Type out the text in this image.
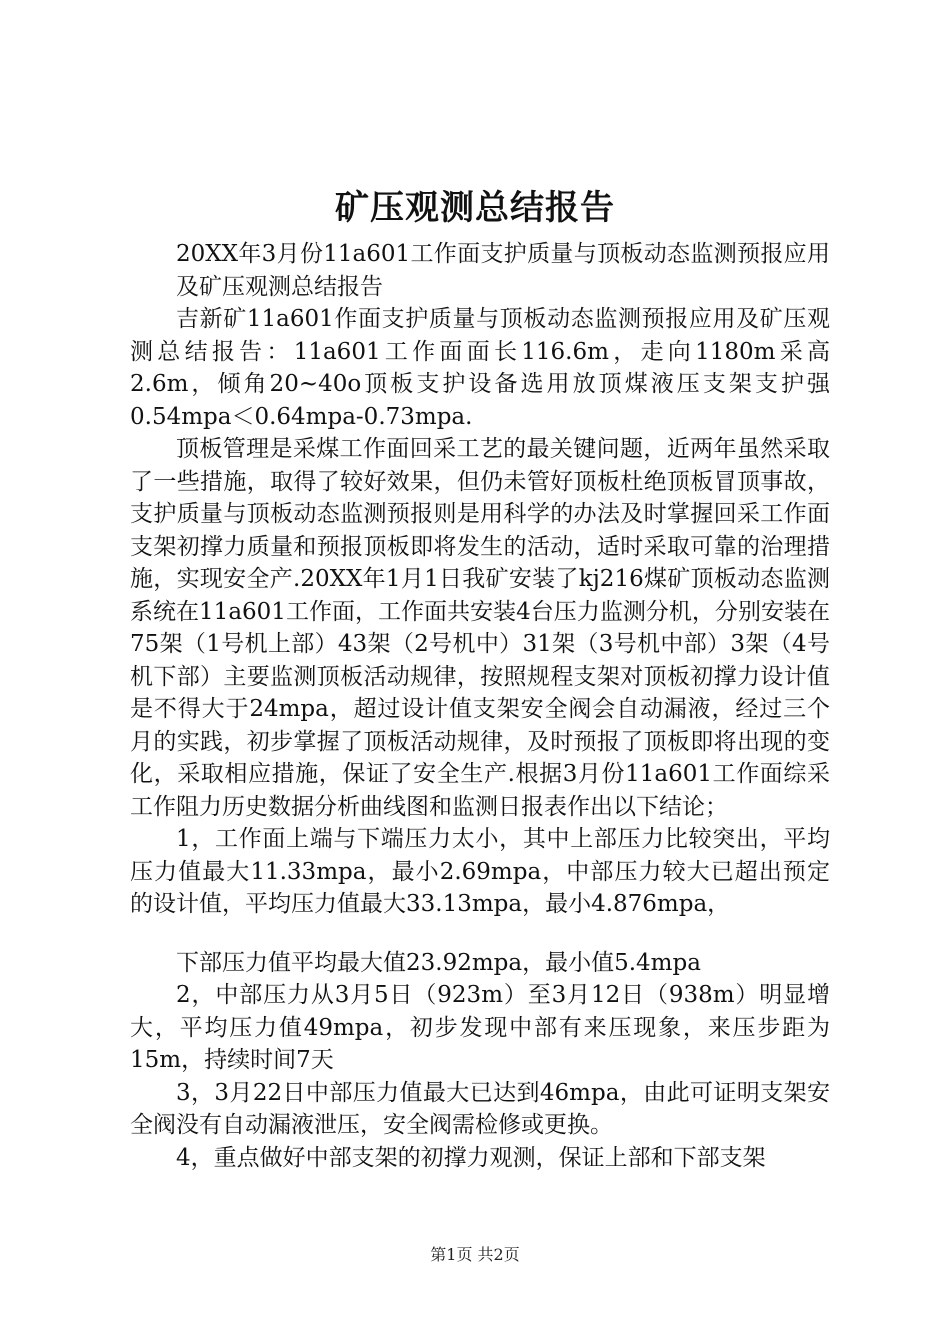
矿压观测总结报告

20XX年3月份11a601工作面支护质量与顶板动态监测预报应用及矿压观测总结报告

吉新矿11a601作面支护质量与顶板动态监测预报应用及矿压观测总结报告：11a601工作面面长116.6m，走向1180m采高2.6m，倾角20~40o顶板支护设备选用放顶煤液压支架支护强0.54mpa＜0.64mpa-0.73mpa.

顶板管理是采煤工作面回采工艺的最关键问题，近两年虽然采取了一些措施，取得了较好效果，但仍未管好顶板杜绝顶板冒顶事故，支护质量与顶板动态监测预报则是用科学的办法及时掌握回采工作面支架初撑力质量和预报顶板即将发生的活动，适时采取可靠的治理措施，实现安全产.20XX年1月1日我矿安装了kj216煤矿顶板动态监测系统在11a601工作面，工作面共安装4台压力监测分机，分别安装在75架（1号机上部）43架（2号机中）31架（3号机中部）3架（4号机下部）主要监测顶板活动规律，按照规程支架对顶板初撑力设计值是不得大于24mpa，超过设计值支架安全阀会自动漏液，经过三个月的实践，初步掌握了顶板活动规律，及时预报了顶板即将出现的变化，采取相应措施，保证了安全生产.根据3月份11a601工作面综采工作阻力历史数据分析曲线图和监测日报表作出以下结论；

1，工作面上端与下端压力太小，其中上部压力比较突出，平均压力值最大11.33mpa，最小2.69mpa，中部压力较大已超出预定的设计值，平均压力值最大33.13mpa，最小4.876mpa，

下部压力值平均最大值23.92mpa，最小值5.4mpa

2，中部压力从3月5日（923m）至3月12日（938m）明显增大，平均压力值49mpa，初步发现中部有来压现象，来压步距为15m，持续时间7天

3，3月22日中部压力值最大已达到46mpa，由此可证明支架安全阀没有自动漏液泄压，安全阀需检修或更换。

4，重点做好中部支架的初撑力观测，保证上部和下部支架

第1页 共2页
